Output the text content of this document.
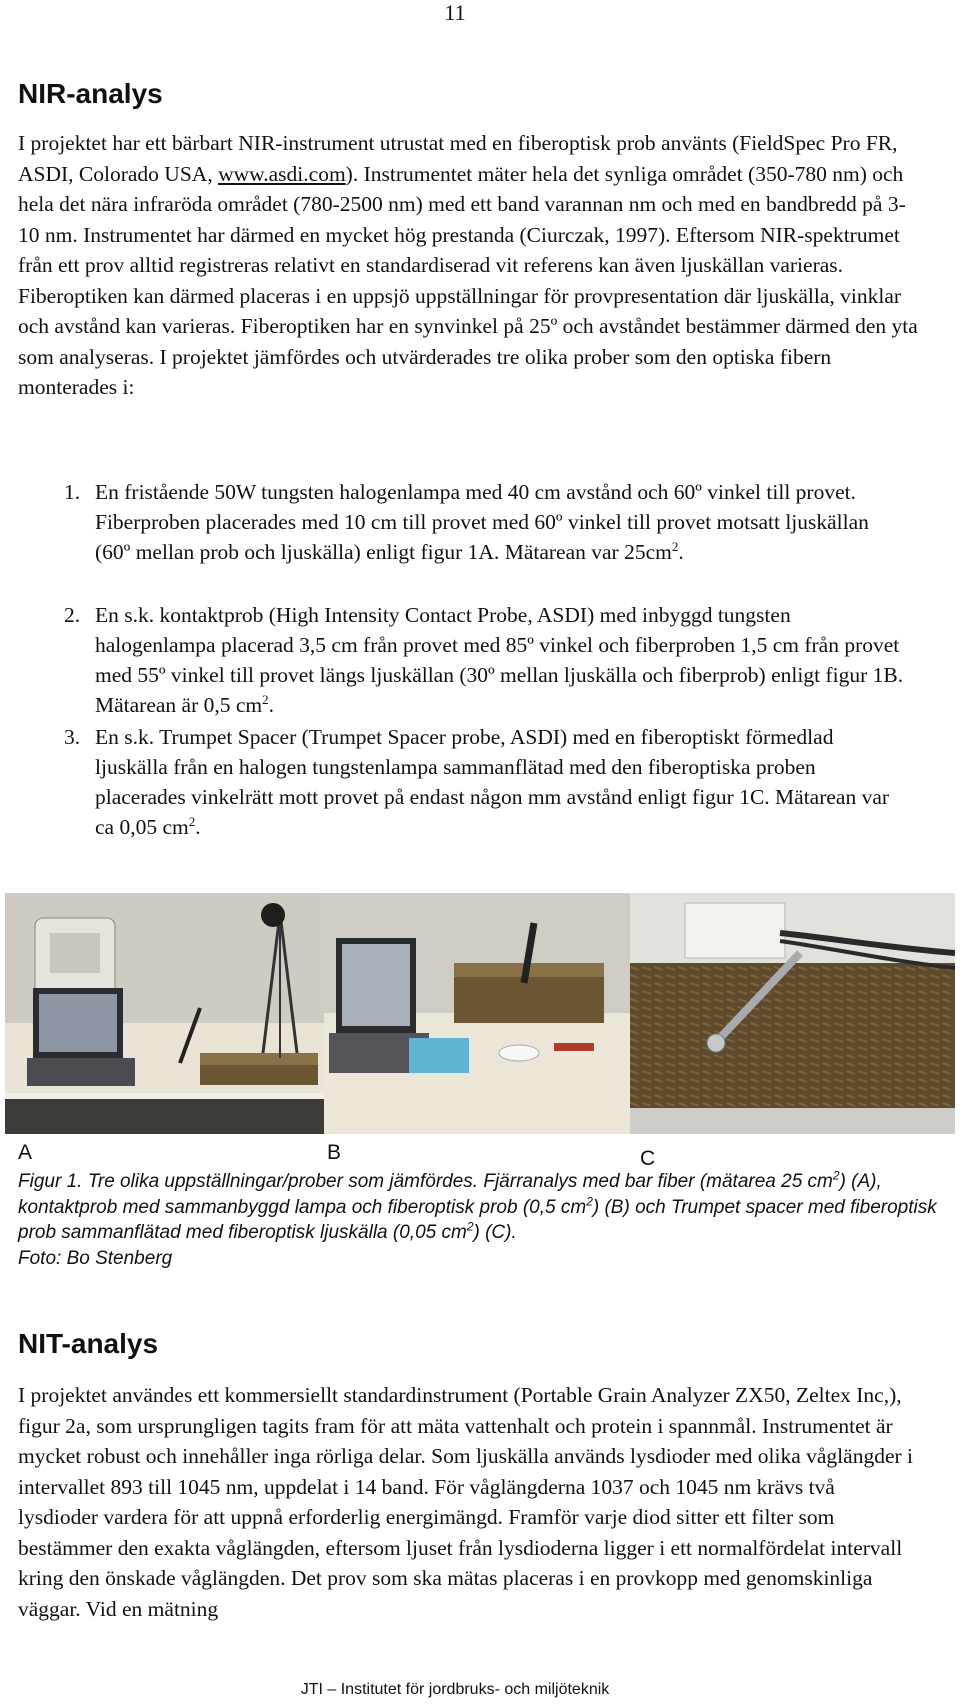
11
NIR-analys

I projektet har ett bärbart NIR-instrument utrustat med en fiberoptisk prob använts (FieldSpec Pro FR, ASDI, Colorado USA, www.asdi.com). Instrumentet mäter hela det synliga området (350-780 nm) och hela det nära infraröda området (780-2500 nm) med ett band varannan nm och med en bandbredd på 3-10 nm. Instrumentet har därmed en mycket hög prestanda (Ciurczak, 1997). Eftersom NIR-spektrumet från ett prov alltid registreras relativt en standardiserad vit referens kan även ljuskällan varieras. Fiberoptiken kan därmed placeras i en uppsjö uppställningar för provpresentation där ljuskälla, vinklar och avstånd kan varieras. Fiberoptiken har en synvinkel på 25º och avståndet bestämmer därmed den yta som analyseras. I projektet jämfördes och utvärderades tre olika prober som den optiska fibern monterades i:

1. En fristående 50W tungsten halogenlampa med 40 cm avstånd och 60º vinkel till provet. Fiberproben placerades med 10 cm till provet med 60º vinkel till provet motsatt ljuskällan (60º mellan prob och ljuskälla) enligt figur 1A. Mätarean var $25cm^2$.
2. En s.k. kontaktprob (High Intensity Contact Probe, ASDI) med inbyggd tungsten halogenlampa placerad 3,5 cm från provet med 85º vinkel och fiberproben 1,5 cm från provet med 55º vinkel till provet längs ljuskällan (30º mellan ljuskälla och fiberprob) enligt figur 1B. Mätarean är 0,5 $cm^2$.
3. En s.k. Trumpet Spacer (Trumpet Spacer probe, ASDI) med en fiberoptiskt förmedlad ljuskälla från en halogen tungstenlampa sammanflätad med den fiberoptiska proben placerades vinkelrätt mott provet på endast någon mm avstånd enligt figur 1C. Mätarean var ca 0,05 $cm^2$.
A	B	C
Figur 1. Tre olika uppställningar/prober som jämfördes. Fjärranalys med bar fiber (mätarea 25 $cm^2$) (A), kontaktprob med sammanbyggd lampa och fiberoptisk prob (0,5 $cm^2$) (B) och Trumpet spacer med fiberoptisk prob sammanflätad med fiberoptisk ljuskälla (0,05 $cm^2$) (C).
Foto: Bo Stenberg
NIT-analys

I projektet användes ett kommersiellt standardinstrument (Portable Grain Analyzer ZX50, Zeltex Inc,), figur 2a, som ursprungligen tagits fram för att mäta vattenhalt och protein i spannmål. Instrumentet är mycket robust och innehåller inga rörliga delar. Som ljuskälla används lysdioder med olika våglängder i intervallet 893 till 1045 nm, uppdelat i 14 band. För våglängderna 1037 och 1045 nm krävs två lysdioder vardera för att uppnå erforderlig energimängd. Framför varje diod sitter ett filter som bestämmer den exakta våglängden, eftersom ljuset från lysdioderna ligger i ett normalfördelat intervall kring den önskade våglängden. Det prov som ska mätas placeras i en provkopp med genomskinliga väggar. Vid en mätning

JTI – Institutet för jordbruks- och miljöteknik
